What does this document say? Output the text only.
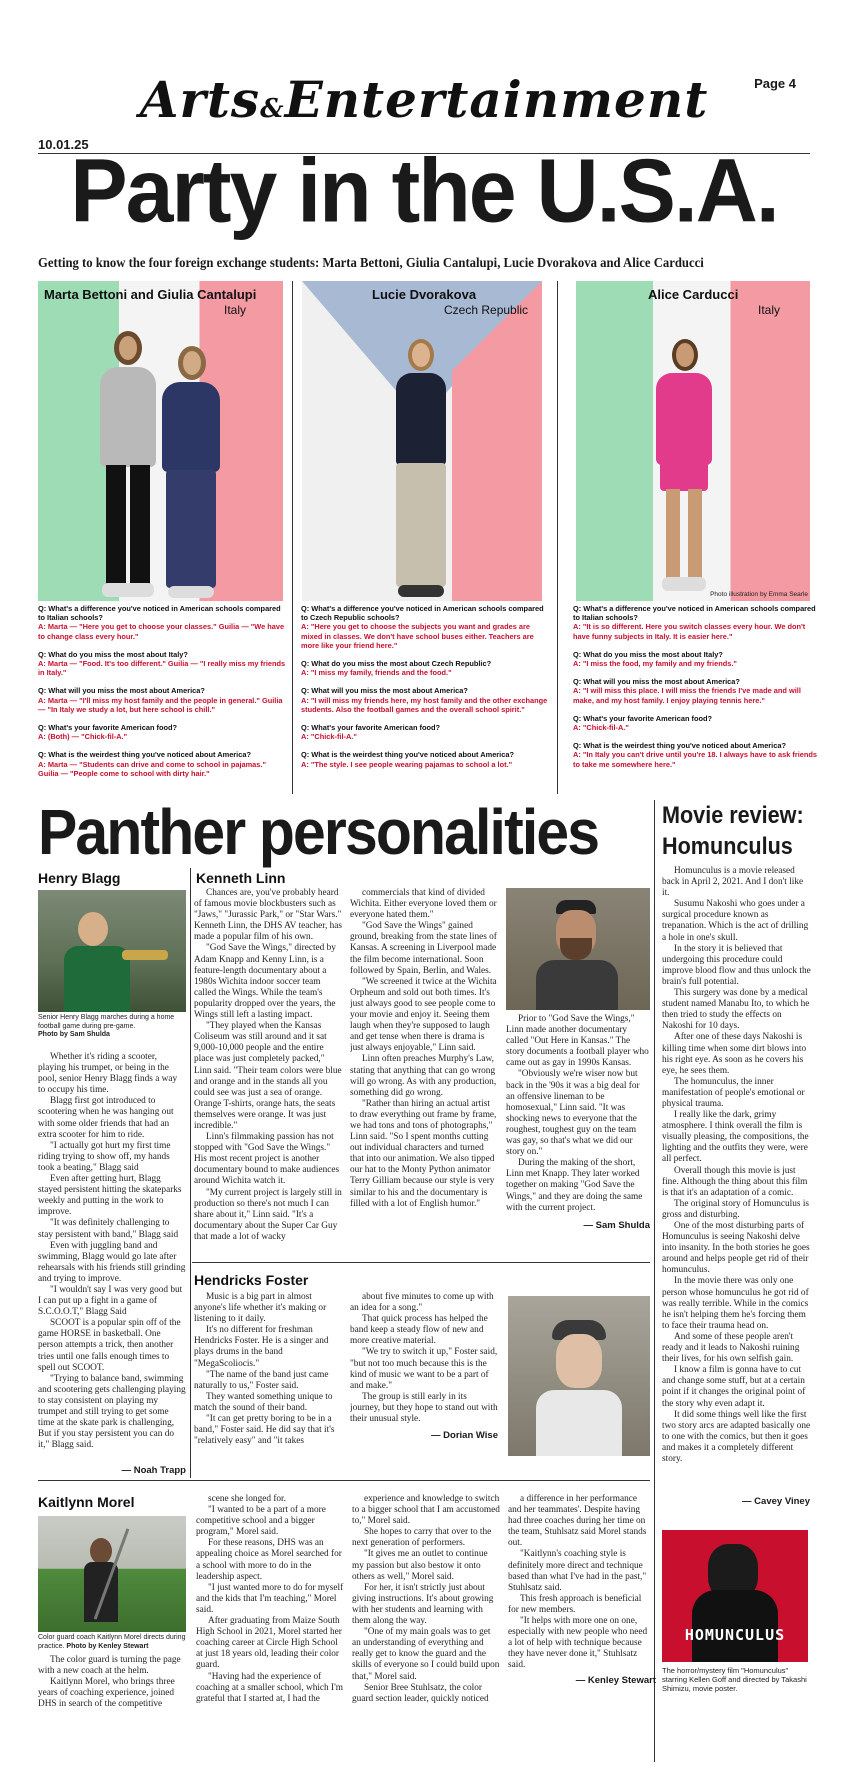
Arts&Entertainment	Page 4
10.01.25
Party in the U.S.A.
Getting to know the four foreign exchange students: Marta Bettoni, Giulia Cantalupi, Lucie Dvorakova and Alice Carducci
Marta Bettoni and Giulia Cantalupi
Italy
Lucie Dvorakova
Czech Republic
Alice Carducci
Italy
Photo illustration by Emma Searle
Q: What's a difference you've noticed in American schools compared to Italian schools?
A: Marta — "Here you get to choose your classes." Guilia — "We have to change class every hour."
Q: What do you miss the most about Italy?
A: Marta — "Food. It's too different." Guilia — "I really miss my friends in Italy."
Q: What will you miss the most about America?
A: Marta — "I'll miss my host family and the people in general." Guilia — "In Italy we study a lot, but here school is chill."
Q: What's your favorite American food?
A: (Both) — "Chick-fil-A."
Q: What is the weirdest thing you've noticed about America?
A: Marta — "Students can drive and come to school in pajamas." Guilia — "People come to school with dirty hair."
Q: What's a difference you've noticed in American schools compared to Czech Republic schools?
A: "Here you get to choose the subjects you want and grades are mixed in classes. We don't have school buses either. Teachers are more like your friend here."
Q: What do you miss the most about Czech Republic?
A: "I miss my family, friends and the food."
Q: What will you miss the most about America?
A: "I will miss my friends here, my host family and the other exchange students. Also the football games and the overall school spirit."
Q: What's your favorite American food?
A: "Chick-fil-A."
Q: What is the weirdest thing you've noticed about America?
A: "The style. I see people wearing pajamas to school a lot."
Q: What's a difference you've noticed in American schools compared to Italian schools?
A: "It is so different. Here you switch classes every hour. We don't have funny subjects in Italy. It is easier here."
Q: What do you miss the most about Italy?
A: "I miss the food, my family and my friends."
Q: What will you miss the most about America?
A: "I will miss this place. I will miss the friends I've made and will make, and my host family. I enjoy playing tennis here."
Q: What's your favorite American food?
A: "Chick-fil-A."
Q: What is the weirdest thing you've noticed about America?
A: "In Italy you can't drive until you're 18. I always have to ask friends to take me somewhere here."
Panther personalities
Henry Blagg
Senior Henry Blagg marches during a home football game during pre-game.
Photo by Sam Shulda

Whether it's riding a scooter, playing his trumpet, or being in the pool, senior Henry Blagg finds a way to occupy his time.

Blagg first got introduced to scootering when he was hanging out with some older friends that had an extra scooter for him to ride.

"I actually got hurt my first time riding trying to show off, my hands took a beating," Blagg said

Even after getting hurt, Blagg stayed persistent hitting the skateparks weekly and putting in the work to improve.

"It was definitely challenging to stay persistent with band," Blagg said

Even with juggling band and swimming, Blagg would go late after rehearsals with his friends still grinding and trying to improve.

"I wouldn't say I was very good but I can put up a fight in a game of S.C.O.O.T," Blagg Said

SCOOT is a popular spin off of the game HORSE in basketball. One person attempts a trick, then another tries until one falls enough times to spell out SCOOT.

"Trying to balance band, swimming and scootering gets challenging playing to stay consistent on playing my trumpet and still trying to get some time at the skate park is challenging, But if you stay persistent you can do it," Blagg said.

— Noah Trapp
Kenneth Linn

Chances are, you've probably heard of famous movie blockbusters such as "Jaws," "Jurassic Park," or "Star Wars." Kenneth Linn, the DHS AV teacher, has made a popular film of his own.

"God Save the Wings," directed by Adam Knapp and Kenny Linn, is a feature-length documentary about a 1980s Wichita indoor soccer team called the Wings. While the team's popularity dropped over the years, the Wings still left a lasting impact.

"They played when the Kansas Coliseum was still around and it sat 9,000-10,000 people and the entire place was just completely packed," Linn said. "Their team colors were blue and orange and in the stands all you could see was just a sea of orange. Orange T-shirts, orange hats, the seats themselves were orange. It was just incredible."

Linn's filmmaking passion has not stopped with "God Save the Wings." His most recent project is another documentary bound to make audiences around Wichita watch it.

"My current project is largely still in production so there's not much I can share about it," Linn said. "It's a documentary about the Super Car Guy that made a lot of wacky

commercials that kind of divided Wichita. Either everyone loved them or everyone hated them."

"God Save the Wings" gained ground, breaking from the state lines of Kansas. A screening in Liverpool made the film become international. Soon followed by Spain, Berlin, and Wales.

"We screened it twice at the Wichita Orpheum and sold out both times. It's just always good to see people come to your movie and enjoy it. Seeing them laugh when they're supposed to laugh and get tense when there is drama is just always enjoyable," Linn said.

Linn often preaches Murphy's Law, stating that anything that can go wrong will go wrong. As with any production, something did go wrong.

"Rather than hiring an actual artist to draw everything out frame by frame, we had tons and tons of photographs," Linn said. "So I spent months cutting out individual characters and turned that into our animation. We also tipped our hat to the Monty Python animator Terry Gilliam because our style is very similar to his and the documentary is filled with a lot of English humor."

Prior to "God Save the Wings," Linn made another documentary called "Out Here in Kansas." The story documents a football player who came out as gay in 1990s Kansas.

"Obviously we're wiser now but back in the '90s it was a big deal for an offensive lineman to be homosexual," Linn said. "It was shocking news to everyone that the roughest, toughest guy on the team was gay, so that's what we did our story on."

During the making of the short, Linn met Knapp. They later worked together on making "God Save the Wings," and they are doing the same with the current project.

— Sam Shulda
Hendricks Foster

Music is a big part in almost anyone's life whether it's making or listening to it daily.

It's no different for freshman Hendricks Foster. He is a singer and plays drums in the band "MegaScoliocis."

"The name of the band just came naturally to us," Foster said.

They wanted something unique to match the sound of their band.

"It can get pretty boring to be in a band," Foster said. He did say that it's "relatively easy" and "it takes

about five minutes to come up with an idea for a song."

That quick process has helped the band keep a steady flow of new and more creative material.

"We try to switch it up," Foster said, "but not too much because this is the kind of music we want to be a part of and make."

The group is still early in its journey, but they hope to stand out with their unusual style.

— Dorian Wise
Kaitlynn Morel
Color guard coach Kaitlynn Morel directs during practice. Photo by Kenley Stewart

The color guard is turning the page with a new coach at the helm.

Kaitlynn Morel, who brings three years of coaching experience, joined DHS in search of the competitive

scene she longed for.

"I wanted to be a part of a more competitive school and a bigger program," Morel said.

For these reasons, DHS was an appealing choice as Morel searched for a school with more to do in the leadership aspect.

"I just wanted more to do for myself and the kids that I'm teaching," Morel said.

After graduating from Maize South High School in 2021, Morel started her coaching career at Circle High School at just 18 years old, leading their color guard.

"Having had the experience of coaching at a smaller school, which I'm grateful that I started at, I had the

experience and knowledge to switch to a bigger school that I am accustomed to," Morel said.

She hopes to carry that over to the next generation of performers.

"It gives me an outlet to continue my passion but also bestow it onto others as well," Morel said.

For her, it isn't strictly just about giving instructions. It's about growing with her students and learning with them along the way.

"One of my main goals was to get an understanding of everything and really get to know the guard and the skills of everyone so I could build upon that," Morel said.

Senior Bree Stuhlsatz, the color guard section leader, quickly noticed

a difference in her performance and her teammates'. Despite having had three coaches during her time on the team, Stuhlsatz said Morel stands out.

"Kaitlynn's coaching style is definitely more direct and technique based than what I've had in the past," Stuhlsatz said.

This fresh approach is beneficial for new members.

"It helps with more one on one, especially with new people who need a lot of help with technique because they have never done it," Stuhlsatz said.

— Kenley Stewart
Movie review:
Homunculus

Homunculus is a movie released back in April 2, 2021. And I don't like it.

Susumu Nakoshi who goes under a surgical procedure known as trepanation. Which is the act of drilling a hole in one's skull.

In the story it is believed that undergoing this procedure could improve blood flow and thus unlock the brain's full potential.

This surgery was done by a medical student named Manabu Ito, to which he then tried to study the effects on Nakoshi for 10 days.

After one of these days Nakoshi is killing time when some dirt blows into his right eye. As soon as he covers his eye, he sees them.

The homunculus, the inner manifestation of people's emotional or physical trauma.

I really like the dark, grimy atmosphere. I think overall the film is visually pleasing, the compositions, the lighting and the outfits they were, were all perfect.

Overall though this movie is just fine. Although the thing about this film is that it's an adaptation of a comic.

The original story of Homunculus is gross and disturbing.

One of the most disturbing parts of Homunculus is seeing Nakoshi delve into insanity. In the both stories he goes around and helps people get rid of their homunculus.

In the movie there was only one person whose homunculus he got rid of was really terrible. While in the comics he isn't helping them he's forcing them to face their trauma head on.

And some of these people aren't ready and it leads to Nakoshi ruining their lives, for his own selfish gain.

I know a film is gonna have to cut and change some stuff, but at a certain point if it changes the original point of the story why even adapt it.

It did some things well like the first two story arcs are adapted basically one to one with the comics, but then it goes and makes it a completely different story.

— Cavey Viney
HOMUNCULUS
The horror/mystery film "Homunculus" starring Kellen Goff and directed by Takashi Shimizu, movie poster.
